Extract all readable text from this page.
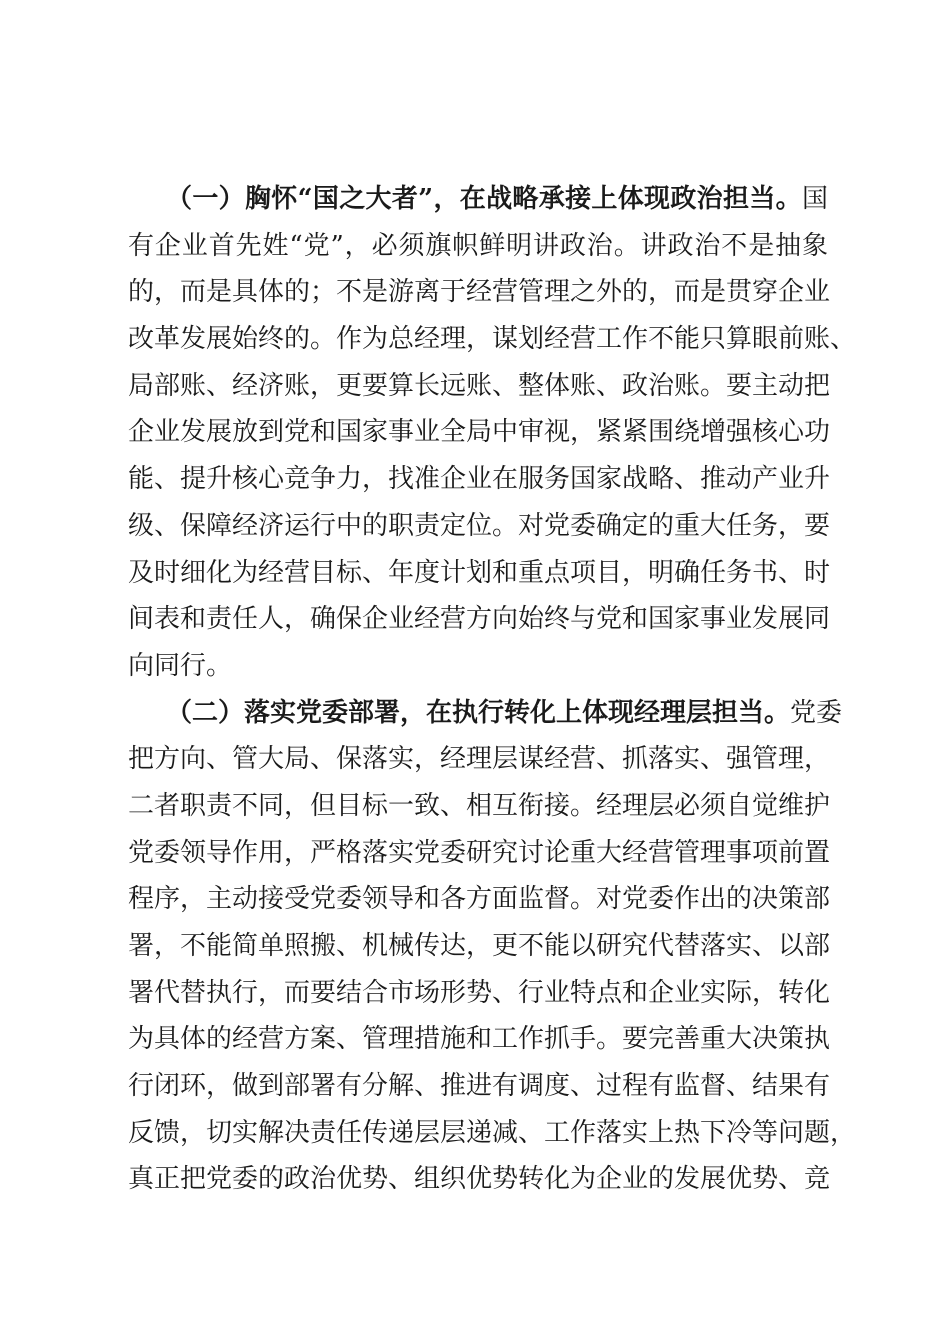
（一）胸怀“国之大者”，在战略承接上体现政治担当。国
有企业首先姓“党”，必须旗帜鲜明讲政治。讲政治不是抽象
的，而是具体的；不是游离于经营管理之外的，而是贯穿企业
改革发展始终的。作为总经理，谋划经营工作不能只算眼前账、
局部账、经济账，更要算长远账、整体账、政治账。要主动把
企业发展放到党和国家事业全局中审视，紧紧围绕增强核心功
能、提升核心竞争力，找准企业在服务国家战略、推动产业升
级、保障经济运行中的职责定位。对党委确定的重大任务，要
及时细化为经营目标、年度计划和重点项目，明确任务书、时
间表和责任人，确保企业经营方向始终与党和国家事业发展同
向同行。
（二）落实党委部署，在执行转化上体现经理层担当。党委
把方向、管大局、保落实，经理层谋经营、抓落实、强管理，
二者职责不同，但目标一致、相互衔接。经理层必须自觉维护
党委领导作用，严格落实党委研究讨论重大经营管理事项前置
程序，主动接受党委领导和各方面监督。对党委作出的决策部
署，不能简单照搬、机械传达，更不能以研究代替落实、以部
署代替执行，而要结合市场形势、行业特点和企业实际，转化
为具体的经营方案、管理措施和工作抓手。要完善重大决策执
行闭环，做到部署有分解、推进有调度、过程有监督、结果有
反馈，切实解决责任传递层层递减、工作落实上热下冷等问题，
真正把党委的政治优势、组织优势转化为企业的发展优势、竞
